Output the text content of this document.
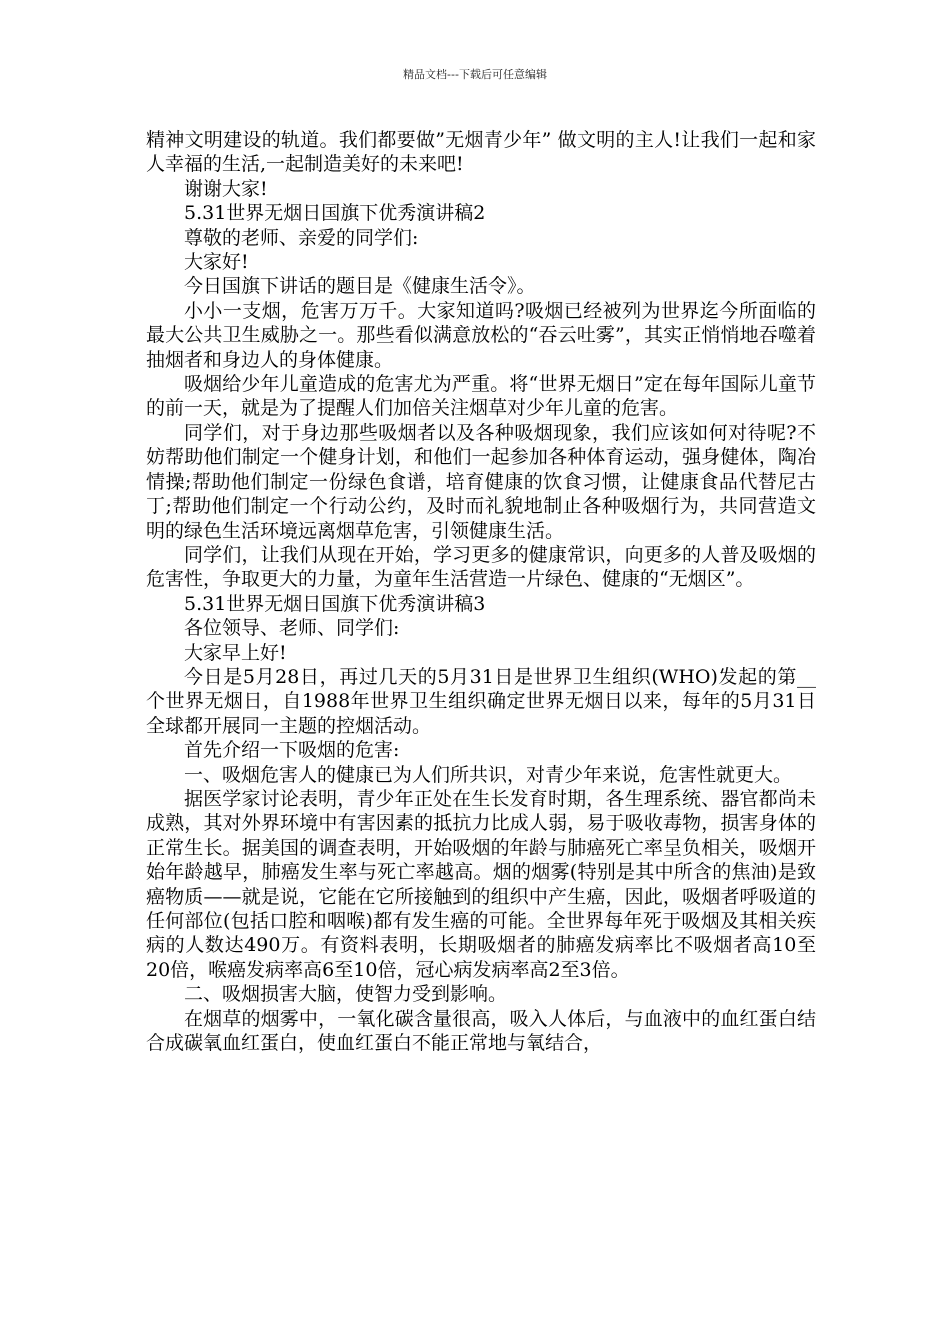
精品文档---下载后可任意编辑

精神文明建设的轨道。我们都要做”无烟青少年” 做文明的主人!让我们一起和家人幸福的生活,一起制造美好的未来吧!

谢谢大家!

5.31世界无烟日国旗下优秀演讲稿2

尊敬的老师、亲爱的同学们:

大家好!

今日国旗下讲话的题目是《健康生活令》。

小小一支烟，危害万万千。大家知道吗?吸烟已经被列为世界迄今所面临的最大公共卫生威胁之一。那些看似满意放松的“吞云吐雾”，其实正悄悄地吞噬着抽烟者和身边人的身体健康。

吸烟给少年儿童造成的危害尤为严重。将“世界无烟日”定在每年国际儿童节的前一天，就是为了提醒人们加倍关注烟草对少年儿童的危害。

同学们，对于身边那些吸烟者以及各种吸烟现象，我们应该如何对待呢?不妨帮助他们制定一个健身计划，和他们一起参加各种体育运动，强身健体，陶冶情操;帮助他们制定一份绿色食谱，培育健康的饮食习惯，让健康食品代替尼古丁;帮助他们制定一个行动公约，及时而礼貌地制止各种吸烟行为，共同营造文明的绿色生活环境远离烟草危害，引领健康生活。

同学们，让我们从现在开始，学习更多的健康常识，向更多的人普及吸烟的危害性，争取更大的力量，为童年生活营造一片绿色、健康的“无烟区”。

5.31世界无烟日国旗下优秀演讲稿3

各位领导、老师、同学们:

大家早上好!

今日是5月28日，再过几天的5月31日是世界卫生组织(WHO)发起的第__个世界无烟日，自1988年世界卫生组织确定世界无烟日以来，每年的5月31日全球都开展同一主题的控烟活动。

首先介绍一下吸烟的危害:

一、吸烟危害人的健康已为人们所共识，对青少年来说，危害性就更大。

据医学家讨论表明，青少年正处在生长发育时期，各生理系统、器官都尚未成熟，其对外界环境中有害因素的抵抗力比成人弱，易于吸收毒物，损害身体的正常生长。据美国的调查表明，开始吸烟的年龄与肺癌死亡率呈负相关，吸烟开始年龄越早，肺癌发生率与死亡率越高。烟的烟雾(特别是其中所含的焦油)是致癌物质——就是说，它能在它所接触到的组织中产生癌，因此，吸烟者呼吸道的任何部位(包括口腔和咽喉)都有发生癌的可能。全世界每年死于吸烟及其相关疾病的人数达490万。有资料表明，长期吸烟者的肺癌发病率比不吸烟者高10至20倍，喉癌发病率高6至10倍，冠心病发病率高2至3倍。

二、吸烟损害大脑，使智力受到影响。

在烟草的烟雾中，一氧化碳含量很高，吸入人体后，与血液中的血红蛋白结合成碳氧血红蛋白，使血红蛋白不能正常地与氧结合，
